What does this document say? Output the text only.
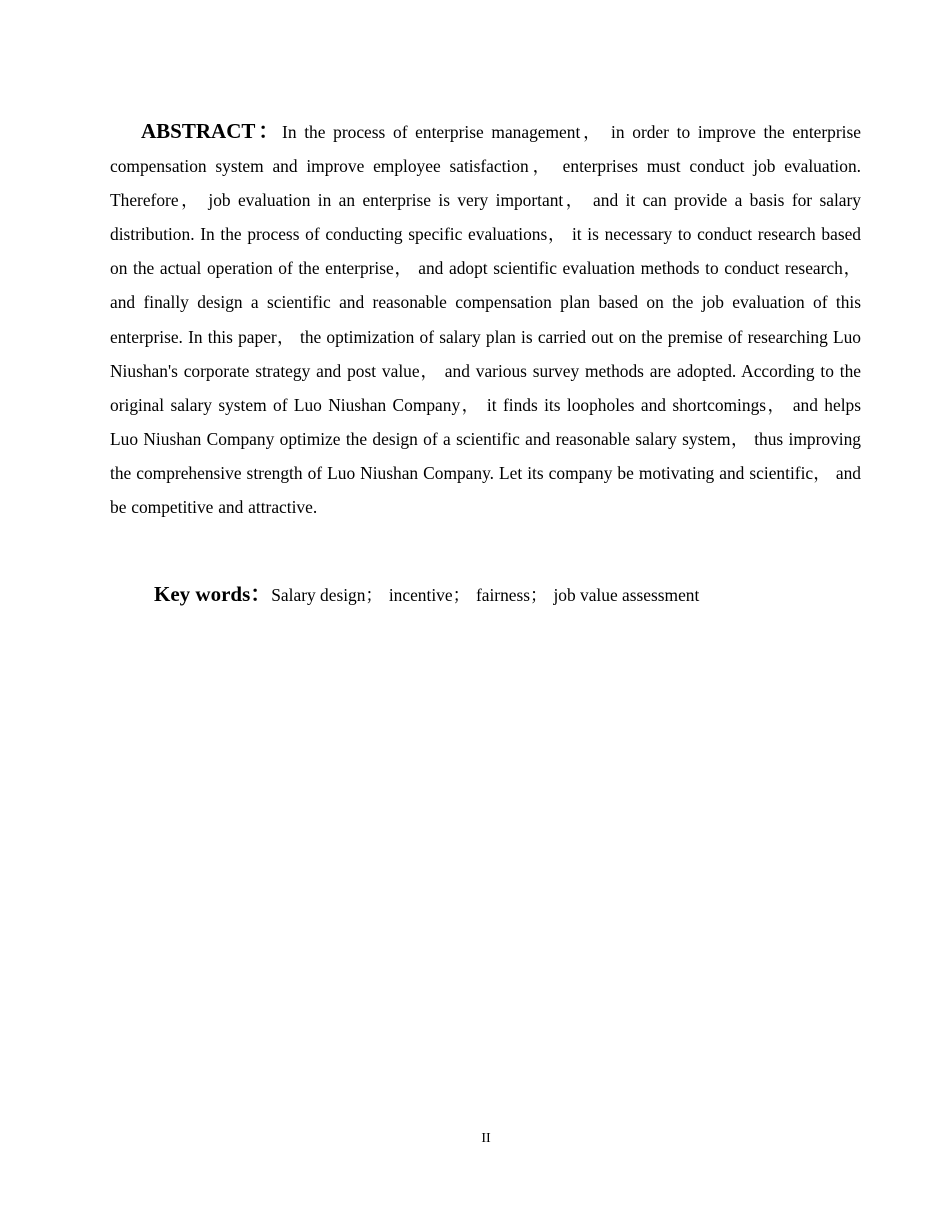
ABSTRACT：In the process of enterprise management， in order to improve the enterprise compensation system and improve employee satisfaction， enterprises must conduct job evaluation. Therefore， job evaluation in an enterprise is very important， and it can provide a basis for salary distribution. In the process of conducting specific evaluations， it is necessary to conduct research based on the actual operation of the enterprise， and adopt scientific evaluation methods to conduct research， and finally design a scientific and reasonable compensation plan based on the job evaluation of this enterprise. In this paper， the optimization of salary plan is carried out on the premise of researching Luo Niushan's corporate strategy and post value， and various survey methods are adopted. According to the original salary system of Luo Niushan Company， it finds its loopholes and shortcomings， and helps Luo Niushan Company optimize the design of a scientific and reasonable salary system， thus improving the comprehensive strength of Luo Niushan Company. Let its company be motivating and scientific， and be competitive and attractive.

Key words：Salary design； incentive； fairness； job value assessment

II
